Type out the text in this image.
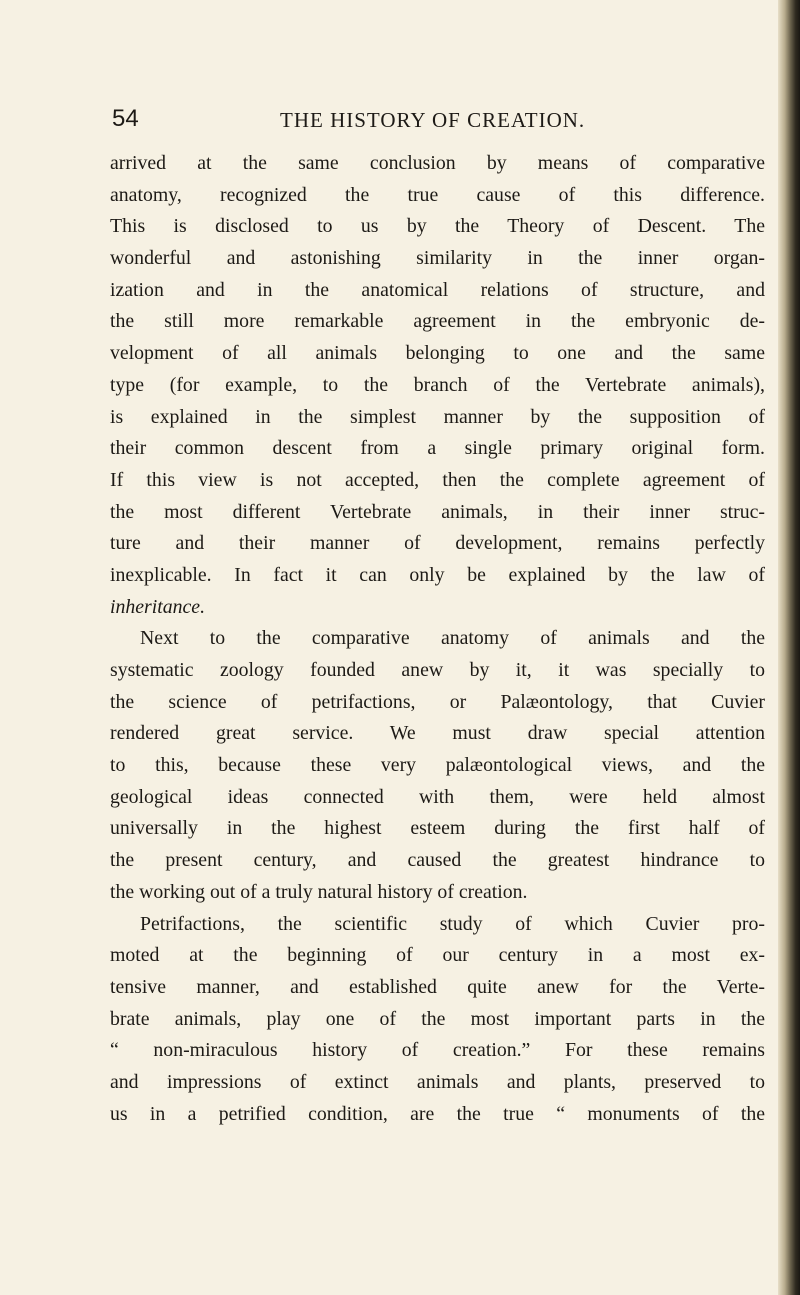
54	THE HISTORY OF CREATION.
arrived at the same conclusion by means of comparative
anatomy, recognized the true cause of this difference.
This is disclosed to us by the Theory of Descent. The
wonderful and astonishing similarity in the inner organ-
ization and in the anatomical relations of structure, and
the still more remarkable agreement in the embryonic de-
velopment of all animals belonging to one and the same
type (for example, to the branch of the Vertebrate animals),
is explained in the simplest manner by the supposition of
their common descent from a single primary original form.
If this view is not accepted, then the complete agreement of
the most different Vertebrate animals, in their inner struc-
ture and their manner of development, remains perfectly
inexplicable. In fact it can only be explained by the law of
inheritance.
Next to the comparative anatomy of animals and the
systematic zoology founded anew by it, it was specially to
the science of petrifactions, or Palæontology, that Cuvier
rendered great service. We must draw special attention
to this, because these very palæontological views, and the
geological ideas connected with them, were held almost
universally in the highest esteem during the first half of
the present century, and caused the greatest hindrance to
the working out of a truly natural history of creation.
Petrifactions, the scientific study of which Cuvier pro-
moted at the beginning of our century in a most ex-
tensive manner, and established quite anew for the Verte-
brate animals, play one of the most important parts in the
“ non-miraculous history of creation.” For these remains
and impressions of extinct animals and plants, preserved to
us in a petrified condition, are the true “ monuments of the
